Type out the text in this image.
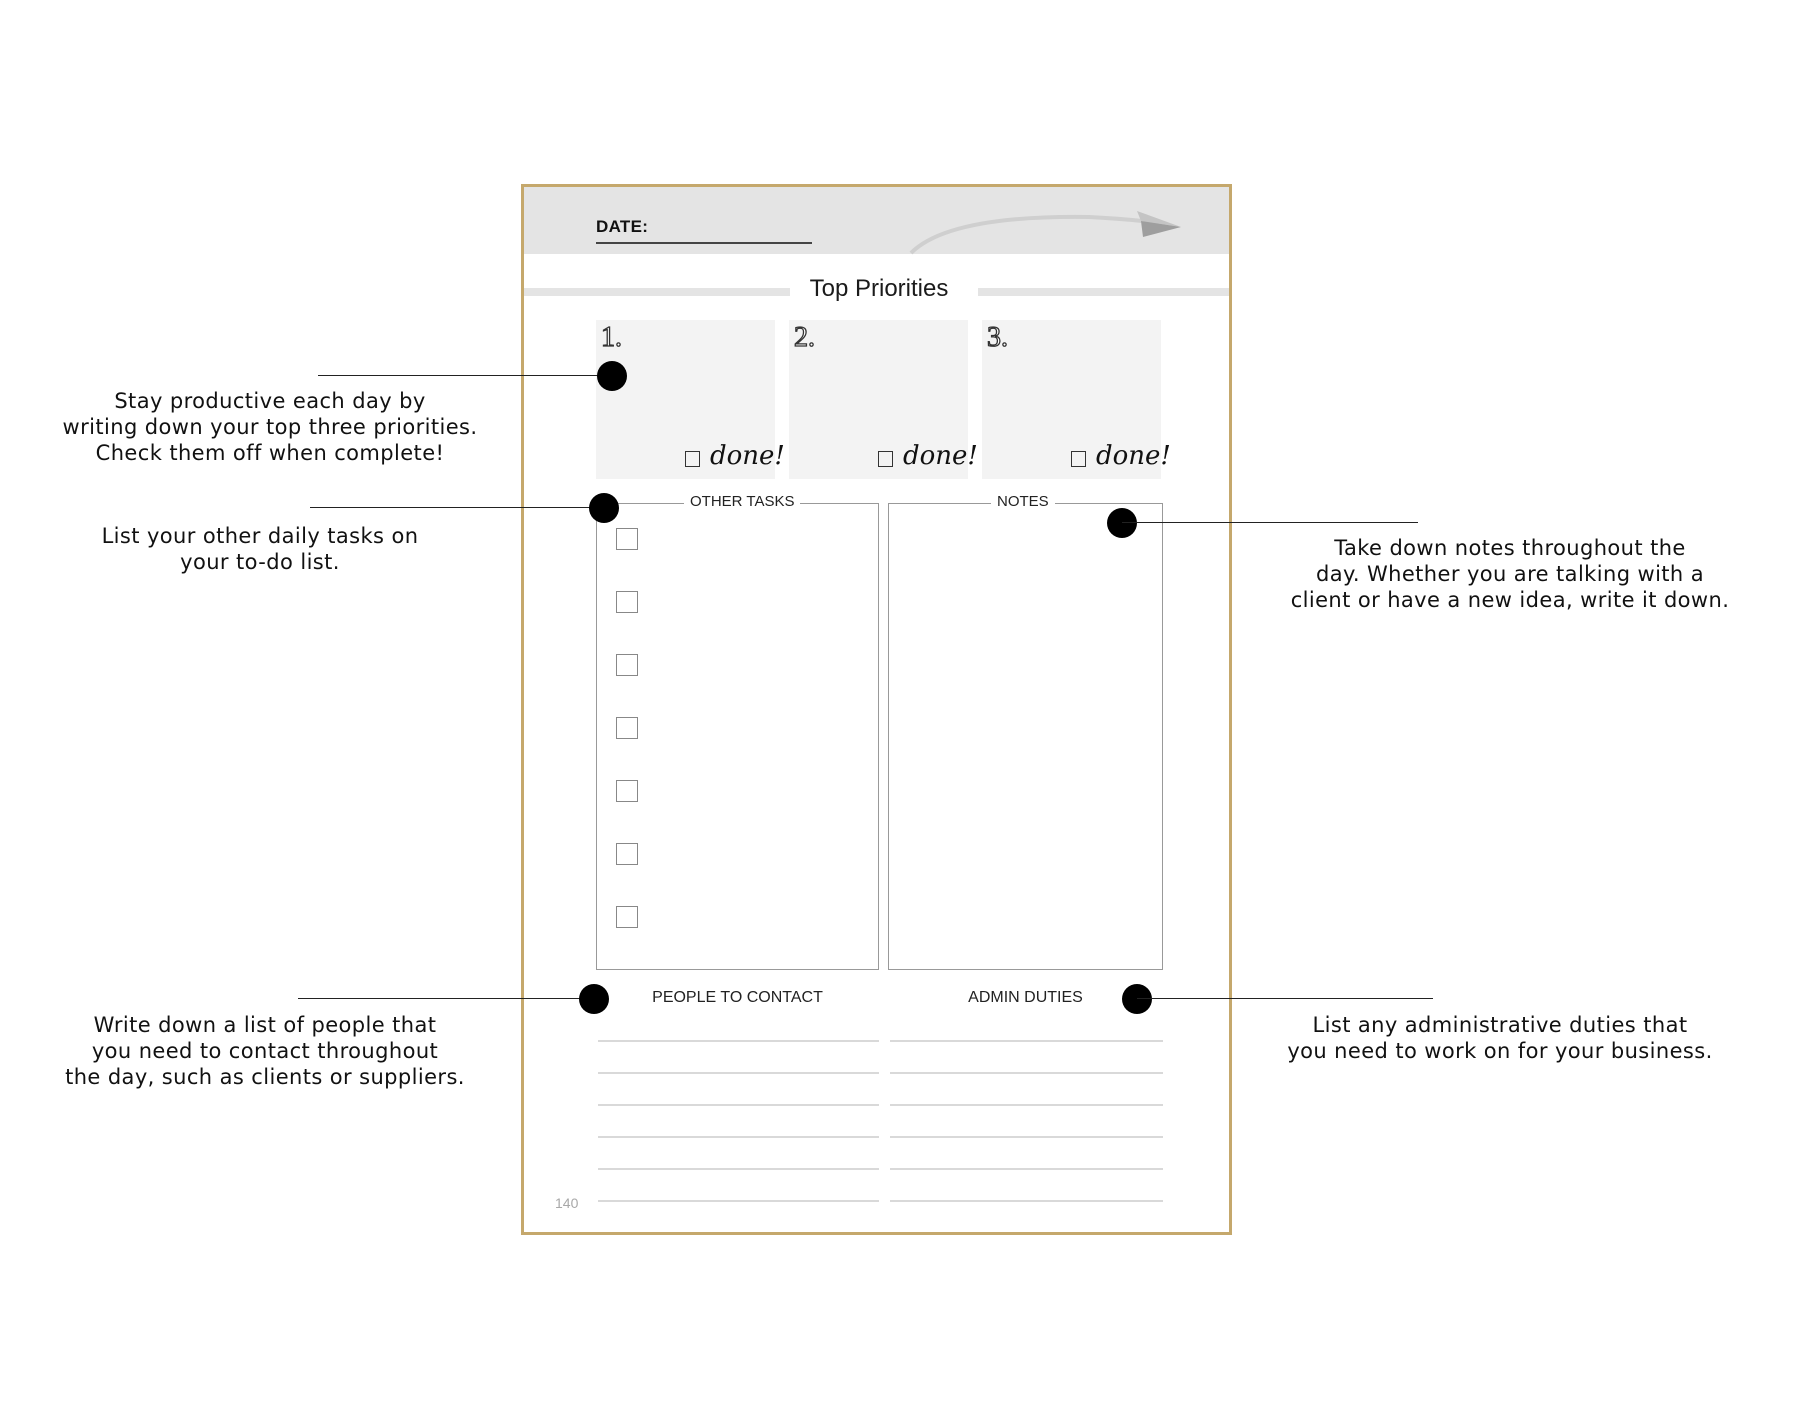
DATE:
Top Priorities
1.
done!
2.
done!
3.
done!
OTHER TASKS	NOTES
PEOPLE TO CONTACT	ADMIN DUTIES
140
Stay productive each day by
writing down your top three priorities.
Check them off when complete!
List your other daily tasks on
your to-do list.
Take down notes throughout the
day. Whether you are talking with a
client or have a new idea, write it down.
Write down a list of people that
you need to contact throughout
the day, such as clients or suppliers.
List any administrative duties that
you need to work on for your business.
